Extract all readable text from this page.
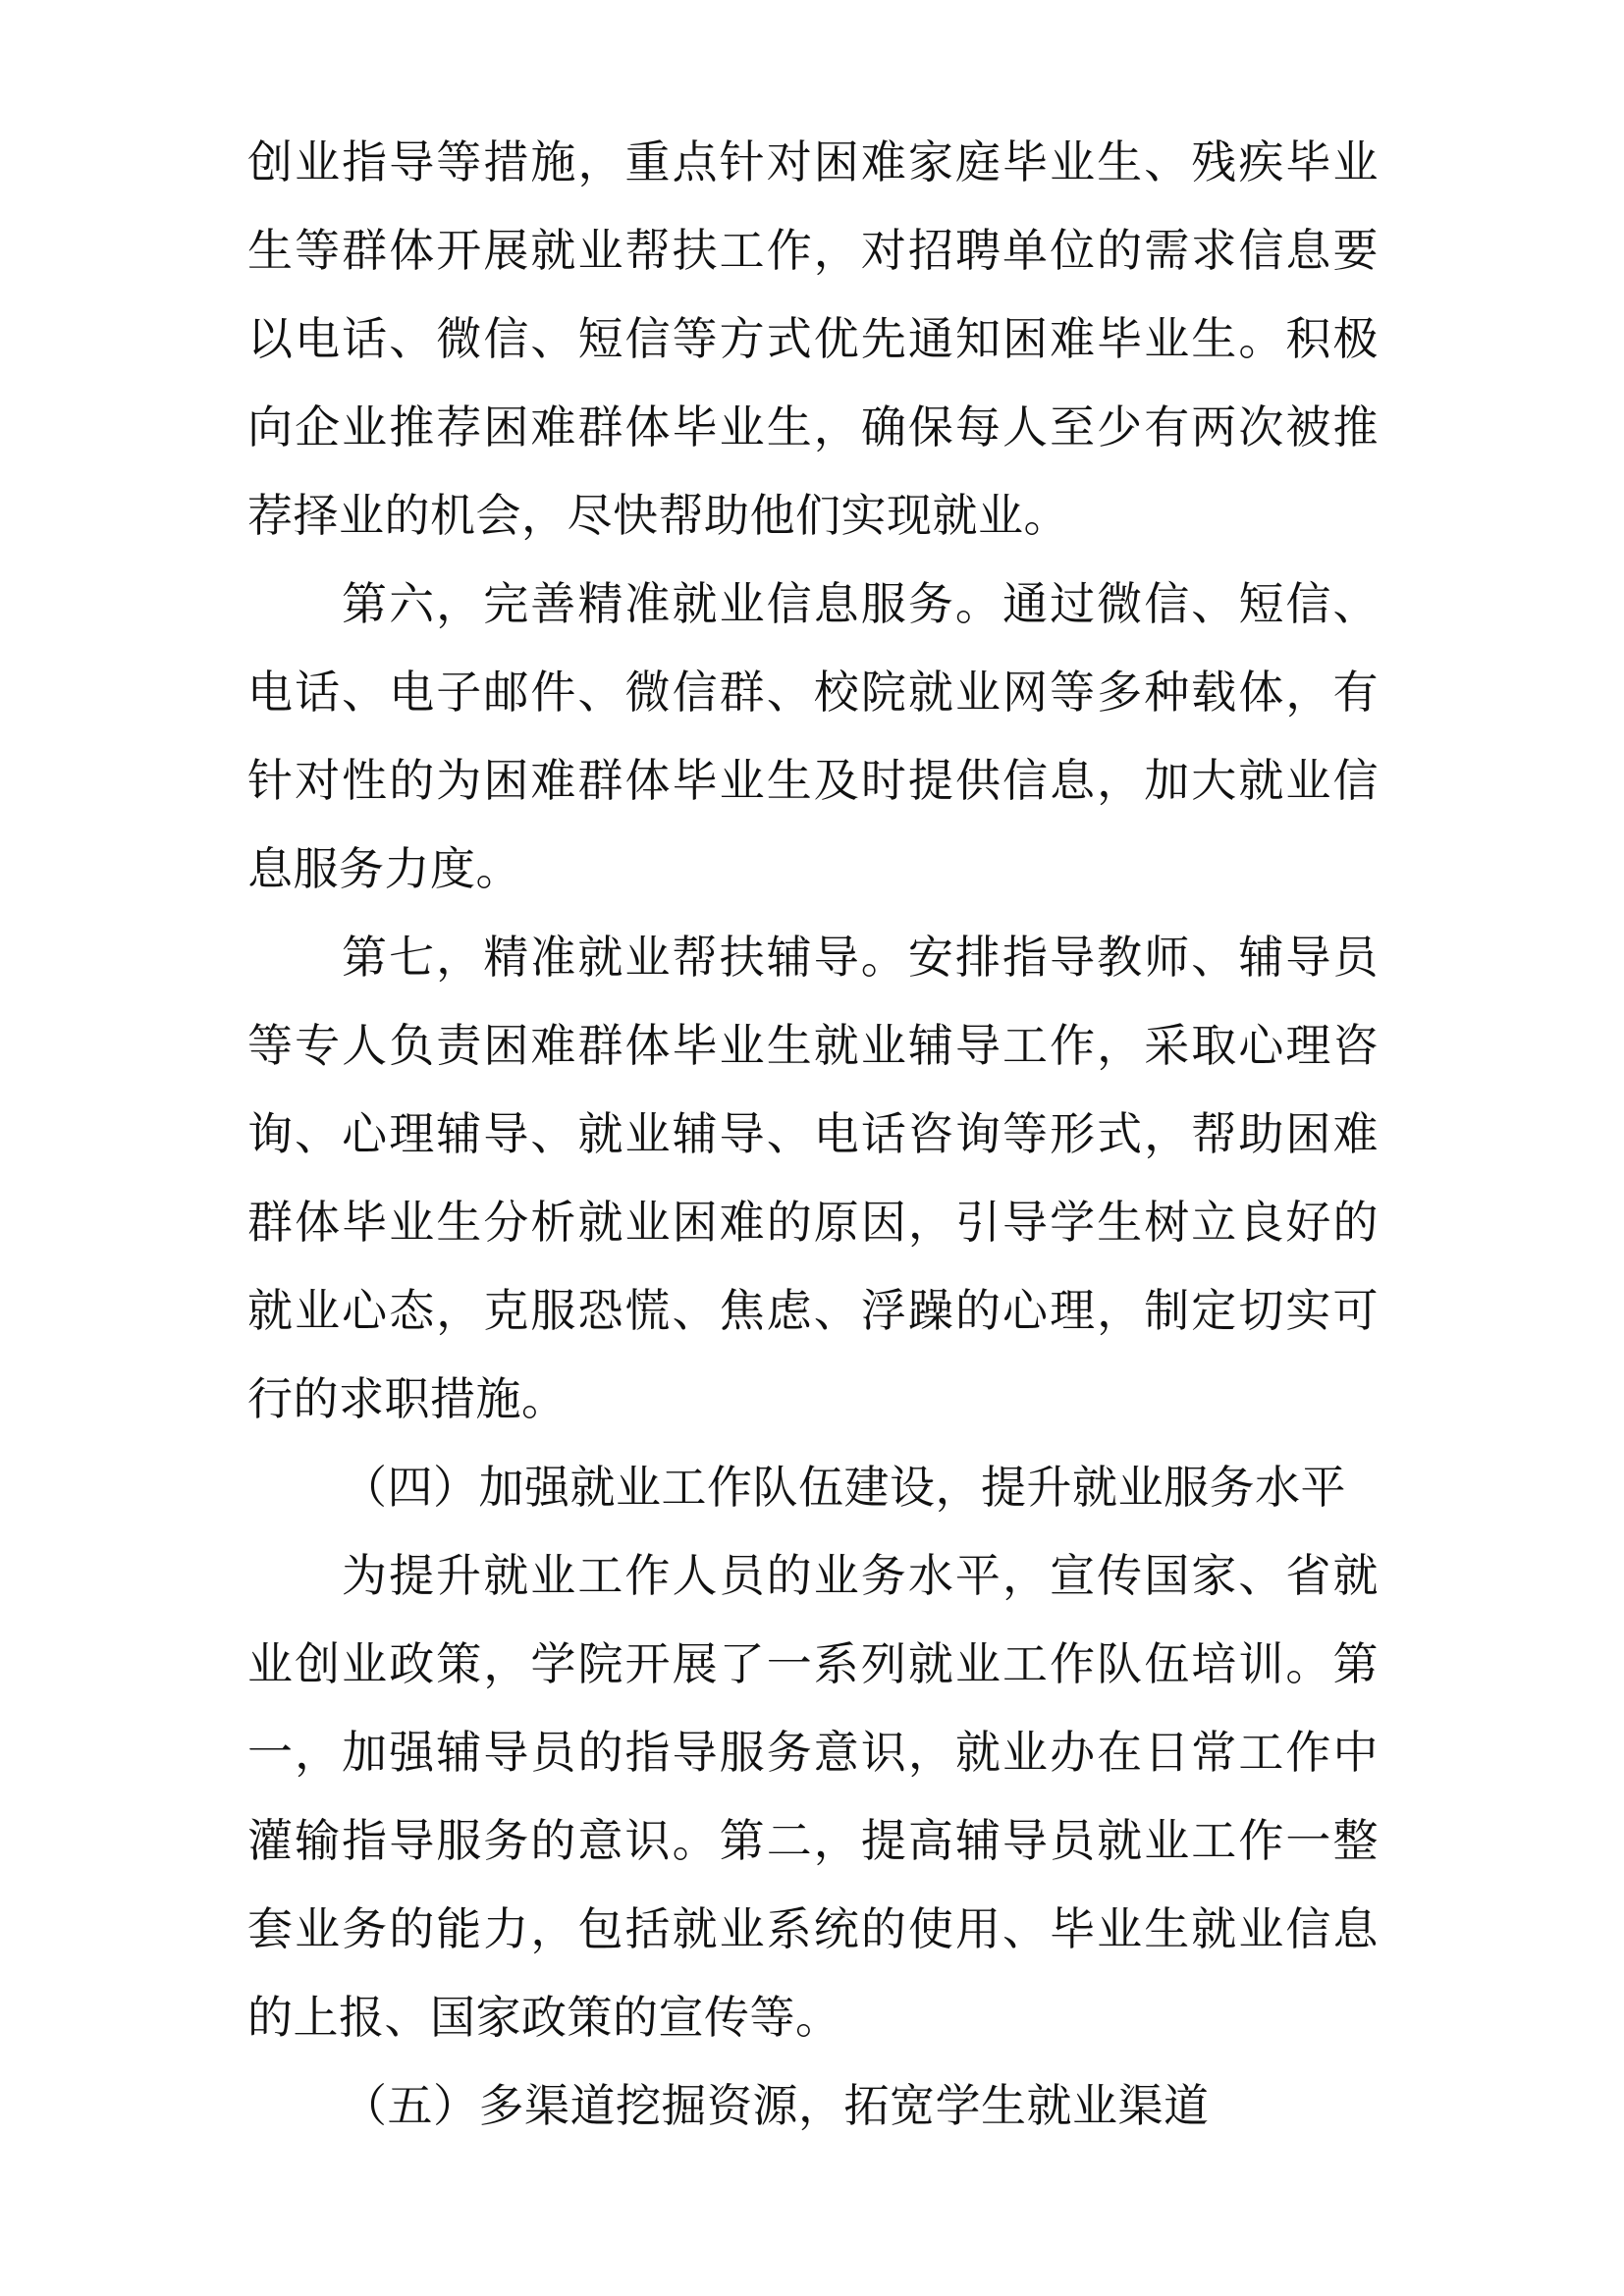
创业指导等措施，重点针对困难家庭毕业生、残疾毕业生等群体开展就业帮扶工作，对招聘单位的需求信息要以电话、微信、短信等方式优先通知困难毕业生。积极向企业推荐困难群体毕业生，确保每人至少有两次被推荐择业的机会，尽快帮助他们实现就业。

第六，完善精准就业信息服务。通过微信、短信、电话、电子邮件、微信群、校院就业网等多种载体，有针对性的为困难群体毕业生及时提供信息，加大就业信息服务力度。

第七，精准就业帮扶辅导。安排指导教师、辅导员等专人负责困难群体毕业生就业辅导工作，采取心理咨询、心理辅导、就业辅导、电话咨询等形式，帮助困难群体毕业生分析就业困难的原因，引导学生树立良好的就业心态，克服恐慌、焦虑、浮躁的心理，制定切实可行的求职措施。

（四）加强就业工作队伍建设，提升就业服务水平

为提升就业工作人员的业务水平，宣传国家、省就业创业政策，学院开展了一系列就业工作队伍培训。第一，加强辅导员的指导服务意识，就业办在日常工作中灌输指导服务的意识。第二，提高辅导员就业工作一整套业务的能力，包括就业系统的使用、毕业生就业信息的上报、国家政策的宣传等。

（五）多渠道挖掘资源，拓宽学生就业渠道
